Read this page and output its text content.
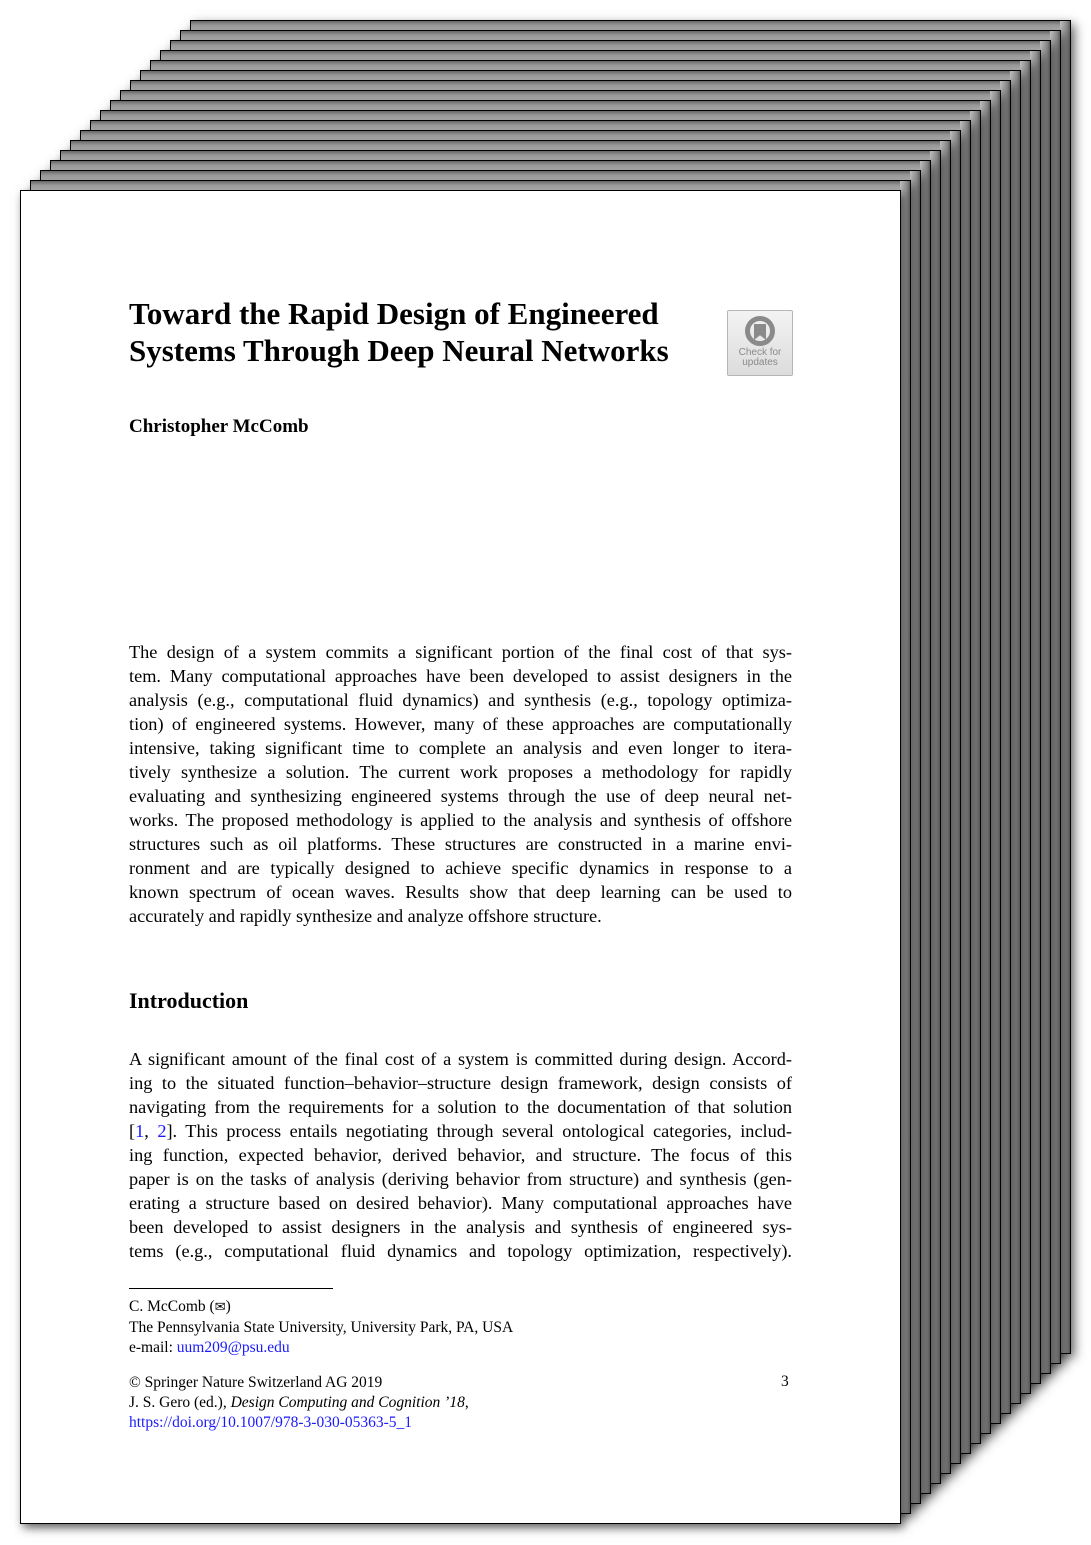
Toward the Rapid Design of Engineered
Systems Through Deep Neural Networks	Check for
updates
Christopher McComb
The design of a system commits a significant portion of the final cost of that sys-
tem. Many computational approaches have been developed to assist designers in the
analysis (e.g., computational fluid dynamics) and synthesis (e.g., topology optimiza-
tion) of engineered systems. However, many of these approaches are computationally
intensive, taking significant time to complete an analysis and even longer to itera-
tively synthesize a solution. The current work proposes a methodology for rapidly
evaluating and synthesizing engineered systems through the use of deep neural net-
works. The proposed methodology is applied to the analysis and synthesis of offshore
structures such as oil platforms. These structures are constructed in a marine envi-
ronment and are typically designed to achieve specific dynamics in response to a
known spectrum of ocean waves. Results show that deep learning can be used to
accurately and rapidly synthesize and analyze offshore structure.
Introduction
A significant amount of the final cost of a system is committed during design. Accord-
ing to the situated function–behavior–structure design framework, design consists of
navigating from the requirements for a solution to the documentation of that solution
[1, 2]. This process entails negotiating through several ontological categories, includ-
ing function, expected behavior, derived behavior, and structure. The focus of this
paper is on the tasks of analysis (deriving behavior from structure) and synthesis (gen-
erating a structure based on desired behavior). Many computational approaches have
been developed to assist designers in the analysis and synthesis of engineered sys-
tems (e.g., computational fluid dynamics and topology optimization, respectively).
C. McComb (✉)
The Pennsylvania State University, University Park, PA, USA
e-mail: uum209@psu.edu
© Springer Nature Switzerland AG 2019
J. S. Gero (ed.), Design Computing and Cognition ’18,
https://doi.org/10.1007/978-3-030-05363-5_1
3
